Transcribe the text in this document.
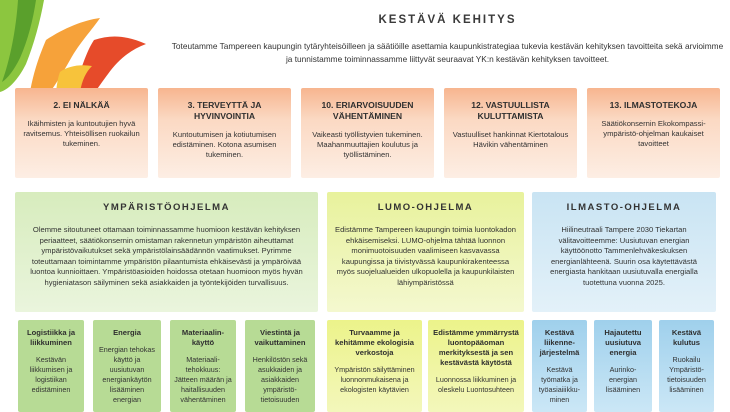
KESTÄVÄ KEHITYS
Toteutamme Tampereen kaupungin tytäryhteisöilleen ja säätiöille asettamia kaupunkistrategiaa tukevia kestävän kehityksen tavoitteita sekä arvioimme ja tunnistamme toiminnassamme liittyvät seuraavat YK:n kestävän kehityksen tavoitteet.
2. EI NÄLKÄÄ
Ikäihmisten ja kuntoutujien hyvä ravitsemus. Yhteisöllisen ruokailun tukeminen.
3. TERVEYTTÄ JA HYVINVOINTIA
Kuntoutumisen ja kotiutumisen edistäminen. Kotona asumisen tukeminen.
10. ERIARVOISUUDEN VÄHENTÄMINEN
Vaikeasti työllistyvien tukeminen. Maahanmuuttajien koulutus ja työllistäminen.
12. VASTUULLISTA KULUTTAMISTA
Vastuulliset hankinnat Kiertotalous Hävikin vähentäminen
13. ILMASTOTEKOJA
Säätiökonsernin Ekokompassi-ympäristö-ohjelman kaukaiset tavoitteet
YMPÄRISTÖOHJELMA
Olemme sitoutuneet ottamaan toiminnassamme huomioon kestävän kehityksen periaatteet, säätiökonsernin omistaman rakennetun ympäristön aiheuttamat ympäristövaikutukset sekä ympäristölainsäädännön vaatimukset. Pyrimme toteuttamaan toimintamme ympäristön pilaantumista ehkäisevästi ja ympäröivää luontoa kunnioittaen. Ympäristöasioiden hoidossa otetaan huomioon myös hyvän hygieniatason säilyminen sekä asiakkaiden ja työntekijöiden turvallisuus.
LUMO-OHJELMA
Edistämme Tampereen kaupungin toimia luontokadon ehkäisemiseksi. LUMO-ohjelma tähtää luonnon monimuotoisuuden vaalimiseen kasvavassa kaupungissa ja tiivistyvässä kaupunkirakenteessa myös suojelualueiden ulkopuolella ja kaupunkilaisten lähiympäristössä
ILMASTO-OHJELMA
Hiilineutraali Tampere 2030 Tiekartan välitavoitteemme: Uusiutuvan energian käyttöönotto Tammenlehväkeskuksen energianlähteenä. Suurin osa käytettävästä energiasta hankitaan uusiutuvalla energialla tuotettuna vuonna 2025.
Logistiikka ja liikkuminen
Kestävän liikkumisen ja logistiikan edistäminen
Energia
Energian tehokas käyttö ja uusiutuvan energiankäytön lisääminen energian
Materiaalin-käyttö
Materiaali-tehokkuus: Jätteen määrän ja haitallisuuden vähentäminen
Viestintä ja vaikuttaminen
Henkilöstön sekä asukkaiden ja asiakkaiden ympäristö-tietoisuuden
Turvaamme ja kehitämme ekologisia verkostoja
Ympäristön säilyttäminen luonnonmukaisena ja ekologisten käytävien
Edistämme ymmärrystä luontopääoman merkityksestä ja sen kestävästä käytöstä
Luonnossa liikkuminen ja oleskelu Luontosuhteen
Kestävä liikenne-järjestelmä
Kestävä työmatka ja työasiaiiikku-minen
Hajautettu uusiutuva energia
Aurinko-energian lisääminen
Kestävä kulutus
Ruokailu Ympäristö-tietoisuuden lisääminen
